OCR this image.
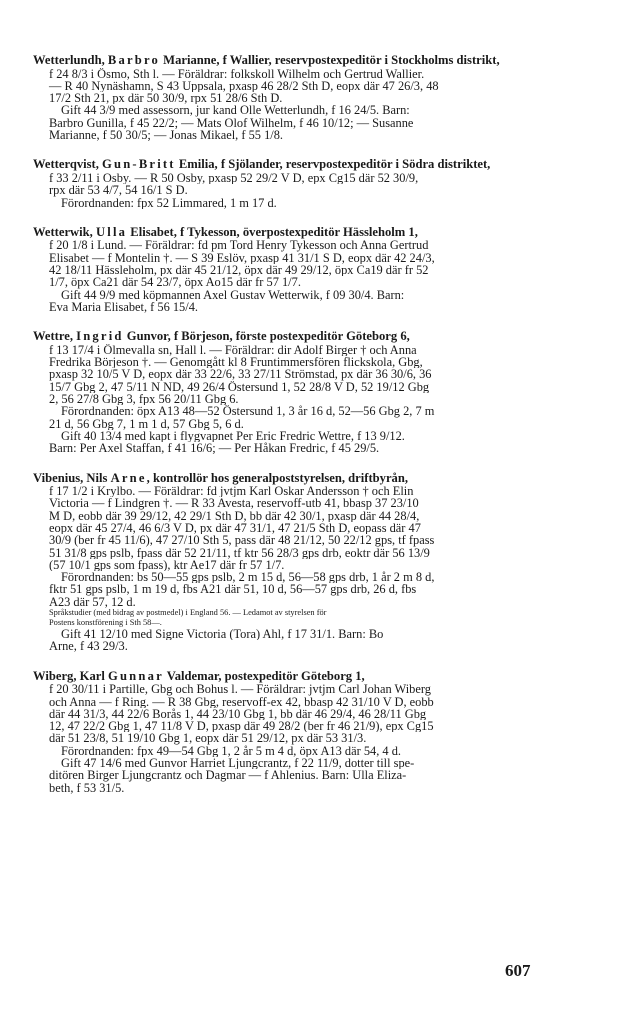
Wetterlundh, Barbro Marianne, f Wallier, reservpostexpeditör i Stockholms distrikt,
f 24 8/3 i Ösmo, Sth l. — Föräldrar: folkskoll Wilhelm och Gertrud Wallier.
— R 40 Nynäshamn, S 43 Uppsala, pxasp 46 28/2 Sth D, eopx där 47 26/3, 48
17/2 Sth 21, px där 50 30/9, rpx 51 28/6 Sth D.
Gift 44 3/9 med assessorn, jur kand Olle Wetterlundh, f 16 24/5. Barn:
Barbro Gunilla, f 45 22/2; — Mats Olof Wilhelm, f 46 10/12; — Susanne
Marianne, f 50 30/5; — Jonas Mikael, f 55 1/8.
Wetterqvist, Gun-Britt Emilia, f Sjölander, reservpostexpeditör i Södra distriktet,
f 33 2/11 i Osby. — R 50 Osby, pxasp 52 29/2 V D, epx Cg15 där 52 30/9,
rpx där 53 4/7, 54 16/1 S D.
Förordnanden: fpx 52 Limmared, 1 m 17 d.
Wetterwik, Ulla Elisabet, f Tykesson, överpostexpeditör Hässleholm 1,
f 20 1/8 i Lund. — Föräldrar: fd pm Tord Henry Tykesson och Anna Gertrud
Elisabet — f Montelin †. — S 39 Eslöv, pxasp 41 31/1 S D, eopx där 42 24/3,
42 18/11 Hässleholm, px där 45 21/12, öpx där 49 29/12, öpx Ca19 där fr 52
1/7, öpx Ca21 där 54 23/7, öpx Ao15 där fr 57 1/7.
Gift 44 9/9 med köpmannen Axel Gustav Wetterwik, f 09 30/4. Barn:
Eva Maria Elisabet, f 56 15/4.
Wettre, Ingrid Gunvor, f Börjeson, förste postexpeditör Göteborg 6,
f 13 17/4 i Ölmevalla sn, Hall l. — Föräldrar: dir Adolf Birger † och Anna
Fredrika Börjeson †. — Genomgått kl 8 Fruntimmersfören flickskola, Gbg,
pxasp 32 10/5 V D, eopx där 33 22/6, 33 27/11 Strömstad, px där 36 30/6, 36
15/7 Gbg 2, 47 5/11 N ND, 49 26/4 Östersund 1, 52 28/8 V D, 52 19/12 Gbg
2, 56 27/8 Gbg 3, fpx 56 20/11 Gbg 6.
Förordnanden: öpx A13 48—52 Östersund 1, 3 år 16 d, 52—56 Gbg 2, 7 m
21 d, 56 Gbg 7, 1 m 1 d, 57 Gbg 5, 6 d.
Gift 40 13/4 med kapt i flygvapnet Per Eric Fredric Wettre, f 13 9/12.
Barn: Per Axel Staffan, f 41 16/6; — Per Håkan Fredric, f 45 29/5.
Vibenius, Nils Arne, kontrollör hos generalpoststyrelsen, driftbyrån,
f 17 1/2 i Krylbo. — Föräldrar: fd jvtjm Karl Oskar Andersson † och Elin
Victoria — f Lindgren †. — R 33 Avesta, reservoff-utb 41, bbasp 37 23/10
M D, eobb där 39 29/12, 42 29/1 Sth D, bb där 42 30/1, pxasp där 44 28/4,
eopx där 45 27/4, 46 6/3 V D, px där 47 31/1, 47 21/5 Sth D, eopass där 47
30/9 (ber fr 45 11/6), 47 27/10 Sth 5, pass där 48 21/12, 50 22/12 gps, tf fpass
51 31/8 gps pslb, fpass där 52 21/11, tf ktr 56 28/3 gps drb, eoktr där 56 13/9
(57 10/1 gps som fpass), ktr Ae17 där fr 57 1/7.
Förordnanden: bs 50—55 gps pslb, 2 m 15 d, 56—58 gps drb, 1 år 2 m 8 d,
fktr 51 gps pslb, 1 m 19 d, fbs A21 där 51, 10 d, 56—57 gps drb, 26 d, fbs
A23 där 57, 12 d.
Språkstudier (med bidrag av postmedel) i England 56. — Ledamot av styrelsen för
Postens konstförening i Sth 58—.
Gift 41 12/10 med Signe Victoria (Tora) Ahl, f 17 31/1. Barn: Bo
Arne, f 43 29/3.
Wiberg, Karl Gunnar Valdemar, postexpeditör Göteborg 1,
f 20 30/11 i Partille, Gbg och Bohus l. — Föräldrar: jvtjm Carl Johan Wiberg
och Anna — f Ring. — R 38 Gbg, reservoff-ex 42, bbasp 42 31/10 V D, eobb
där 44 31/3, 44 22/6 Borås 1, 44 23/10 Gbg 1, bb där 46 29/4, 46 28/11 Gbg
12, 47 22/2 Gbg 1, 47 11/8 V D, pxasp där 49 28/2 (ber fr 46 21/9), epx Cg15
där 51 23/8, 51 19/10 Gbg 1, eopx där 51 29/12, px där 53 31/3.
Förordnanden: fpx 49—54 Gbg 1, 2 år 5 m 4 d, öpx A13 där 54, 4 d.
Gift 47 14/6 med Gunvor Harriet Ljungcrantz, f 22 11/9, dotter till spe-
ditören Birger Ljungcrantz och Dagmar — f Ahlenius. Barn: Ulla Eliza-
beth, f 53 31/5.
607
